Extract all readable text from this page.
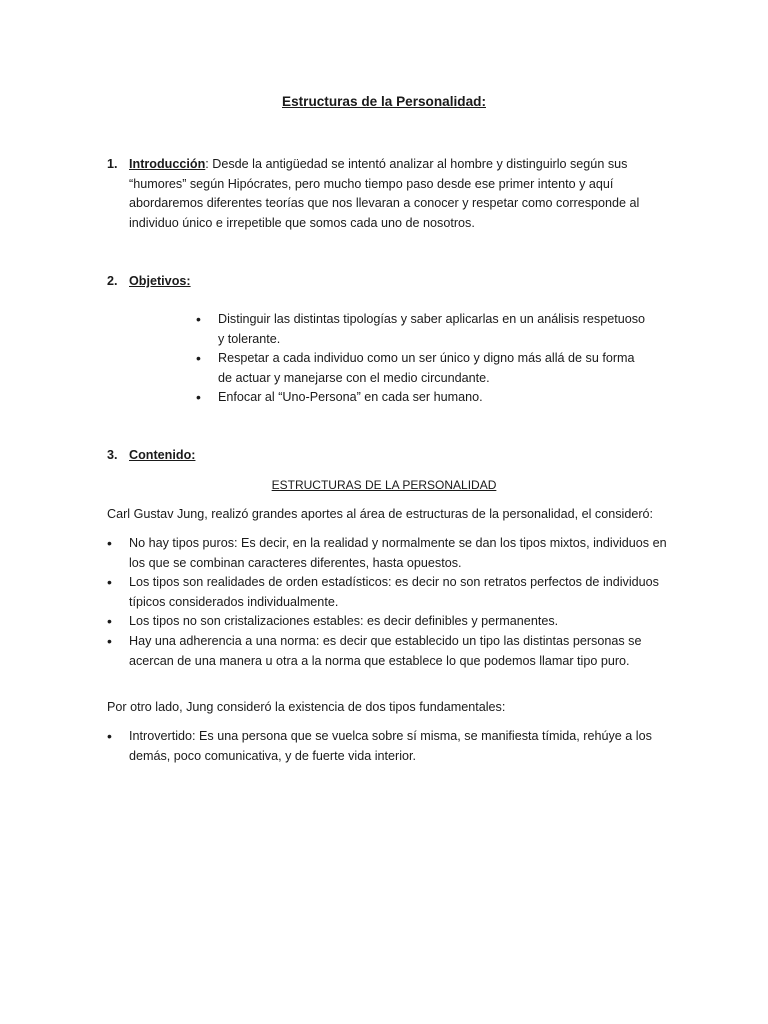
Estructuras de la Personalidad:
1. Introducción: Desde la antigüedad se intentó analizar al hombre y distinguirlo según sus “humores” según Hipócrates, pero mucho tiempo paso desde ese primer intento y aquí abordaremos diferentes teorías que nos llevaran a conocer y respetar como corresponde al individuo único e irrepetible que somos cada uno de nosotros.
2. Objetivos:
• Distinguir las distintas tipologías y saber aplicarlas en un análisis respetuoso y tolerante.
• Respetar a cada individuo como un ser único y digno más allá de su forma de actuar y manejarse con el medio circundante.
• Enfocar al “Uno-Persona” en cada ser humano.
3. Contenido:
ESTRUCTURAS DE LA PERSONALIDAD
Carl Gustav Jung, realizó grandes aportes al área de estructuras de la personalidad, el consideró:
• No hay tipos puros: Es decir, en la realidad y normalmente se dan los tipos mixtos, individuos en los que se combinan caracteres diferentes, hasta opuestos.
• Los tipos son realidades de orden estadísticos: es decir no son retratos perfectos de individuos típicos considerados individualmente.
• Los tipos no son cristalizaciones estables: es decir definibles y permanentes.
• Hay una adherencia a una norma: es decir que establecido un tipo las distintas personas se acercan de una manera u otra a la norma que establece lo que podemos llamar tipo puro.
Por otro lado, Jung consideró la existencia de dos tipos fundamentales:
• Introvertido: Es una persona que se vuelca sobre sí misma, se manifiesta tímida, rehúye a los demás, poco comunicativa, y de fuerte vida interior.
